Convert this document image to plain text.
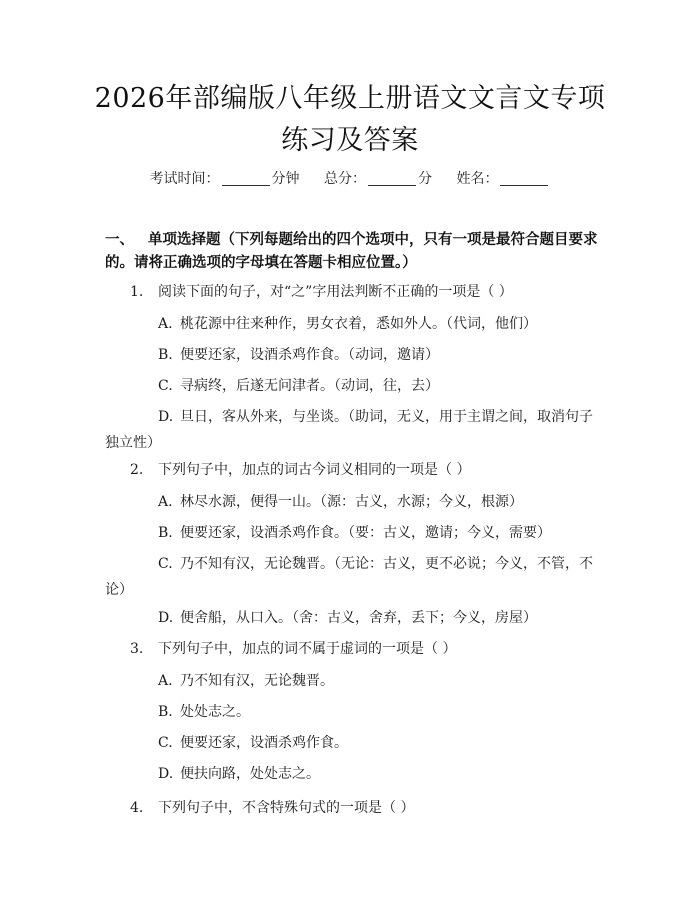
2026年部编版八年级上册语文文言文专项练习及答案
考试时间：	分钟 总分：	分 姓名：
一、 单项选择题（下列每题给出的四个选项中，只有一项是最符合题目要求的。请将正确选项的字母填在答题卡相应位置。）
1. 阅读下面的句子，对“之”字用法判断不正确的一项是（ ）
A. 桃花源中往来种作，男女衣着，悉如外人。（代词，他们）
B. 便要还家，设酒杀鸡作食。（动词，邀请）
C. 寻病终，后遂无问津者。（动词，往，去）
D. 旦日，客从外来，与坐谈。（助词，无义，用于主谓之间，取消句子独立性）
2. 下列句子中，加点的词古今词义相同的一项是（ ）
A. 林尽水源，便得一山。（源：古义，水源；今义，根源）
B. 便要还家，设酒杀鸡作食。（要：古义，邀请；今义，需要）
C. 乃不知有汉，无论魏晋。（无论：古义，更不必说；今义，不管，不论）
D. 便舍船，从口入。（舍：古义，舍弃，丢下；今义，房屋）
3. 下列句子中，加点的词不属于虚词的一项是（ ）
A. 乃不知有汉，无论魏晋。
B. 处处志之。
C. 便要还家，设酒杀鸡作食。
D. 便扶向路，处处志之。
4. 下列句子中，不含特殊句式的一项是（ ）
